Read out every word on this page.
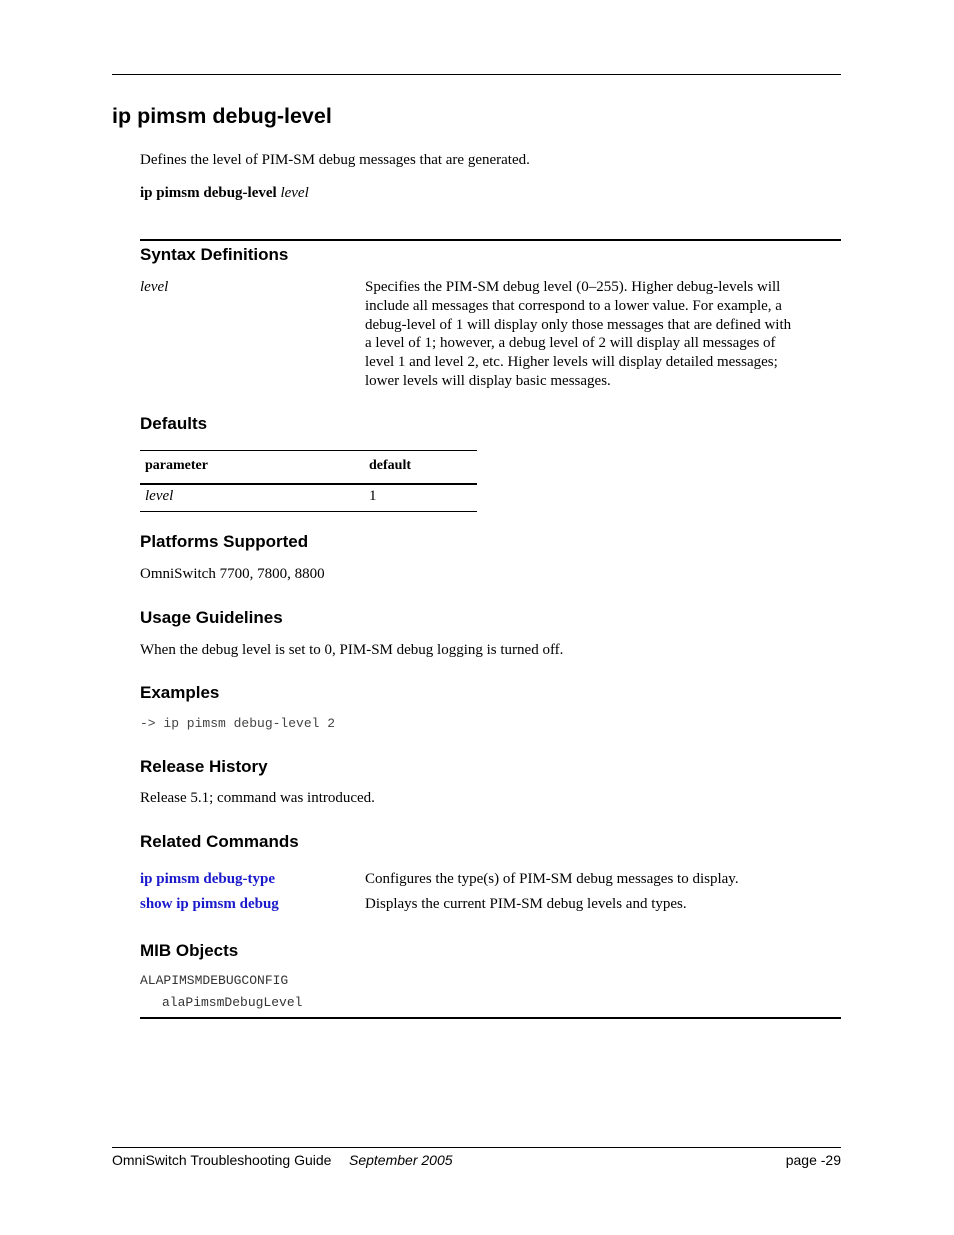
ip pimsm debug-level
Defines the level of PIM-SM debug messages that are generated.
ip pimsm debug-level level
Syntax Definitions
level	Specifies the PIM-SM debug level (0–255). Higher debug-levels will
include all messages that correspond to a lower value. For example, a
debug-level of 1 will display only those messages that are defined with
a level of 1; however, a debug level of 2 will display all messages of
level 1 and level 2, etc. Higher levels will display detailed messages;
lower levels will display basic messages.
Defaults
parameter	default
level	1
Platforms Supported
OmniSwitch 7700, 7800, 8800
Usage Guidelines
When the debug level is set to 0, PIM-SM debug logging is turned off.
Examples
-> ip pimsm debug-level 2
Release History
Release 5.1; command was introduced.
Related Commands
ip pimsm debug-type	Configures the type(s) of PIM-SM debug messages to display.
show ip pimsm debug	Displays the current PIM-SM debug levels and types.
MIB Objects
ALAPIMSMDEBUGCONFIG
alaPimsmDebugLevel
OmniSwitch Troubleshooting Guide September 2005	page -29
